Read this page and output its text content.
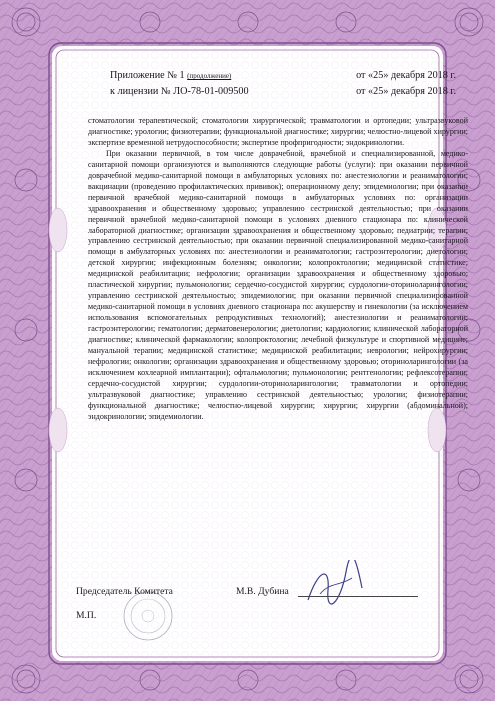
Приложение № 1 (продолжение)	от «25» декабря 2018 г.
к лицензии № ЛО-78-01-009500	от «25» декабря 2018 г.

стоматологии терапевтической; стоматологии хирургической; травматологии и ортопедии; ультразвуковой диагностике; урологии; физиотерапии; функциональной диагностике; хирургии; челюстно-лицевой хирургии; экспертизе временной нетрудоспособности; экспертизе профпригодности; эндокринологии.

При оказании первичной, в том числе доврачебной, врачебной и специализированной, медико-санитарной помощи организуются и выполняются следующие работы (услуги): при оказании первичной доврачебной медико-санитарной помощи в амбулаторных условиях по: анестезиологии и реаниматологии; вакцинации (проведению профилактических прививок); операционному делу; эпидемиологии; при оказании первичной врачебной медико-санитарной помощи в амбулаторных условиях по: организации здравоохранения и общественному здоровью; управлению сестринской деятельностью; при оказании первичной врачебной медико-санитарной помощи в условиях дневного стационара по: клинической лабораторной диагностике; организации здравоохранения и общественному здоровью; педиатрии; терапии; управлению сестринской деятельностью; при оказании первичной специализированной медико-санитарной помощи в амбулаторных условиях по: анестезиологии и реаниматологии; гастроэнтерологии; диетологии; детской хирургии; инфекционным болезням; онкологии; колопроктологии; медицинской статистике; медицинской реабилитации; нефрологии; организации здравоохранения и общественному здоровью; пластической хирургии; пульмонологии; сердечно-сосудистой хирургии; сурдологии-оториноларингологии; управлению сестринской деятельностью; эпидемиологии; при оказании первичной специализированной медико-санитарной помощи в условиях дневного стационара по: акушерству и гинекологии (за исключением использования вспомогательных репродуктивных технологий); анестезиологии и реаниматологии; гастроэнтерологии; гематологии; дерматовенерологии; диетологии; кардиологии; клинической лабораторной диагностике; клинической фармакологии; колопроктологии; лечебной физкультуре и спортивной медицине; мануальной терапии; медицинской статистике; медицинской реабилитации; неврологии; нейрохирургии; нефрологии; онкологии; организации здравоохранения и общественному здоровью; оториноларингологии (за исключением кохлеарной имплантации); офтальмологии; пульмонологии; рентгенологии; рефлексотерапии; сердечно-сосудистой хирургии; сурдологии-оториноларингологии; травматологии и ортопедии; ультразвуковой диагностике; управлению сестринской деятельностью; урологии; физиотерапии; функциональной диагностике; челюстно-лицевой хирургии; хирургии; хирургии (абдоминальной); эндокринологии; эпидемиологии.

Председатель Комитета	М.В. Дубина
М.П.
